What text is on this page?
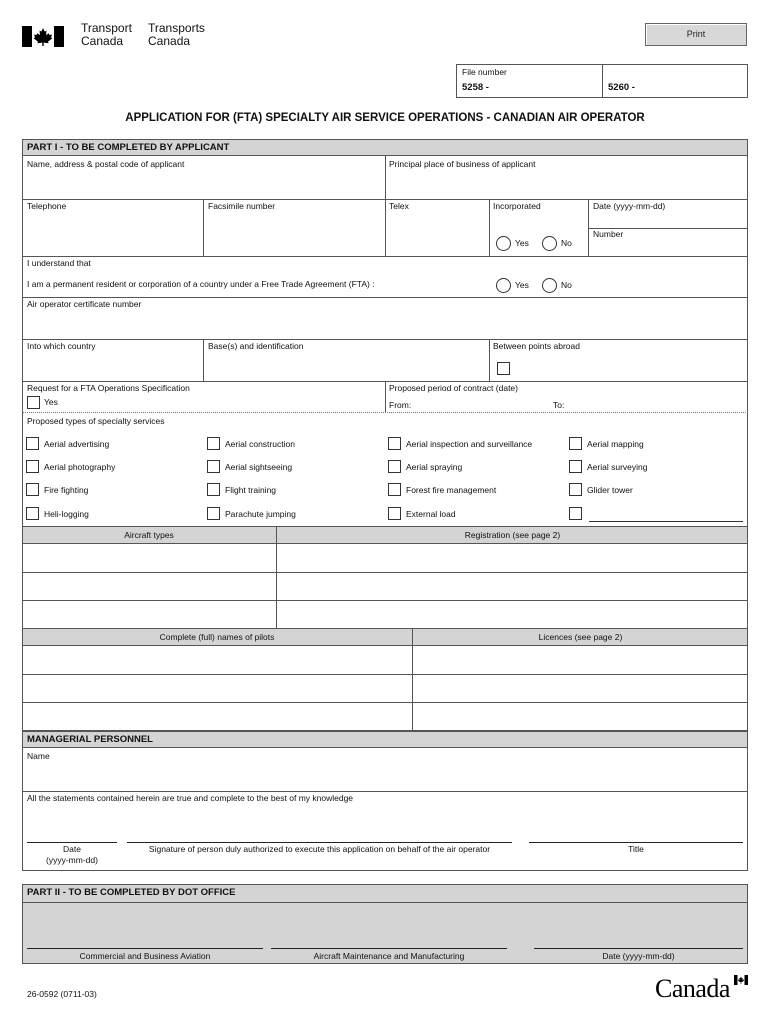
Transport
Canada
Transports
Canada	Print
File number
5258 -	5260 -
APPLICATION FOR (FTA) SPECIALTY AIR SERVICE OPERATIONS - CANADIAN AIR OPERATOR
PART I - TO BE COMPLETED BY APPLICANT
Name, address & postal code of applicant	Principal place of business of applicant
Telephone	Facsimile number	Telex	Incorporated	Date (yyyy-mm-dd)
Number
Yes	No
I understand that
I am a permanent resident or corporation of a country under a Free Trade Agreement (FTA) :	Yes	No
Air operator certificate number
Into which country	Base(s) and identification	Between points abroad
Request for a FTA Operations Specification
Yes
Proposed period of contract (date)
From:	To:
Proposed types of specialty services
Aerial advertising	Aerial construction	Aerial inspection and surveillance	Aerial mapping
Aerial photography	Aerial sightseeing	Aerial spraying	Aerial surveying
Fire fighting	Flight training	Forest fire management	Glider tower
Heli-logging	Parachute jumping	External load
Aircraft types	Registration (see page 2)
Complete (full) names of pilots	Licences (see page 2)
MANAGERIAL PERSONNEL
Name
All the statements contained herein are true and complete to the best of my knowledge
Date
(yyyy-mm-dd)
Signature of person duly authorized to execute this application on behalf of the air operator	Title
PART II - TO BE COMPLETED BY DOT OFFICE
Commercial and Business Aviation	Aircraft Maintenance and Manufacturing	Date (yyyy-mm-dd)
26-0592 (0711-03)	Canada
